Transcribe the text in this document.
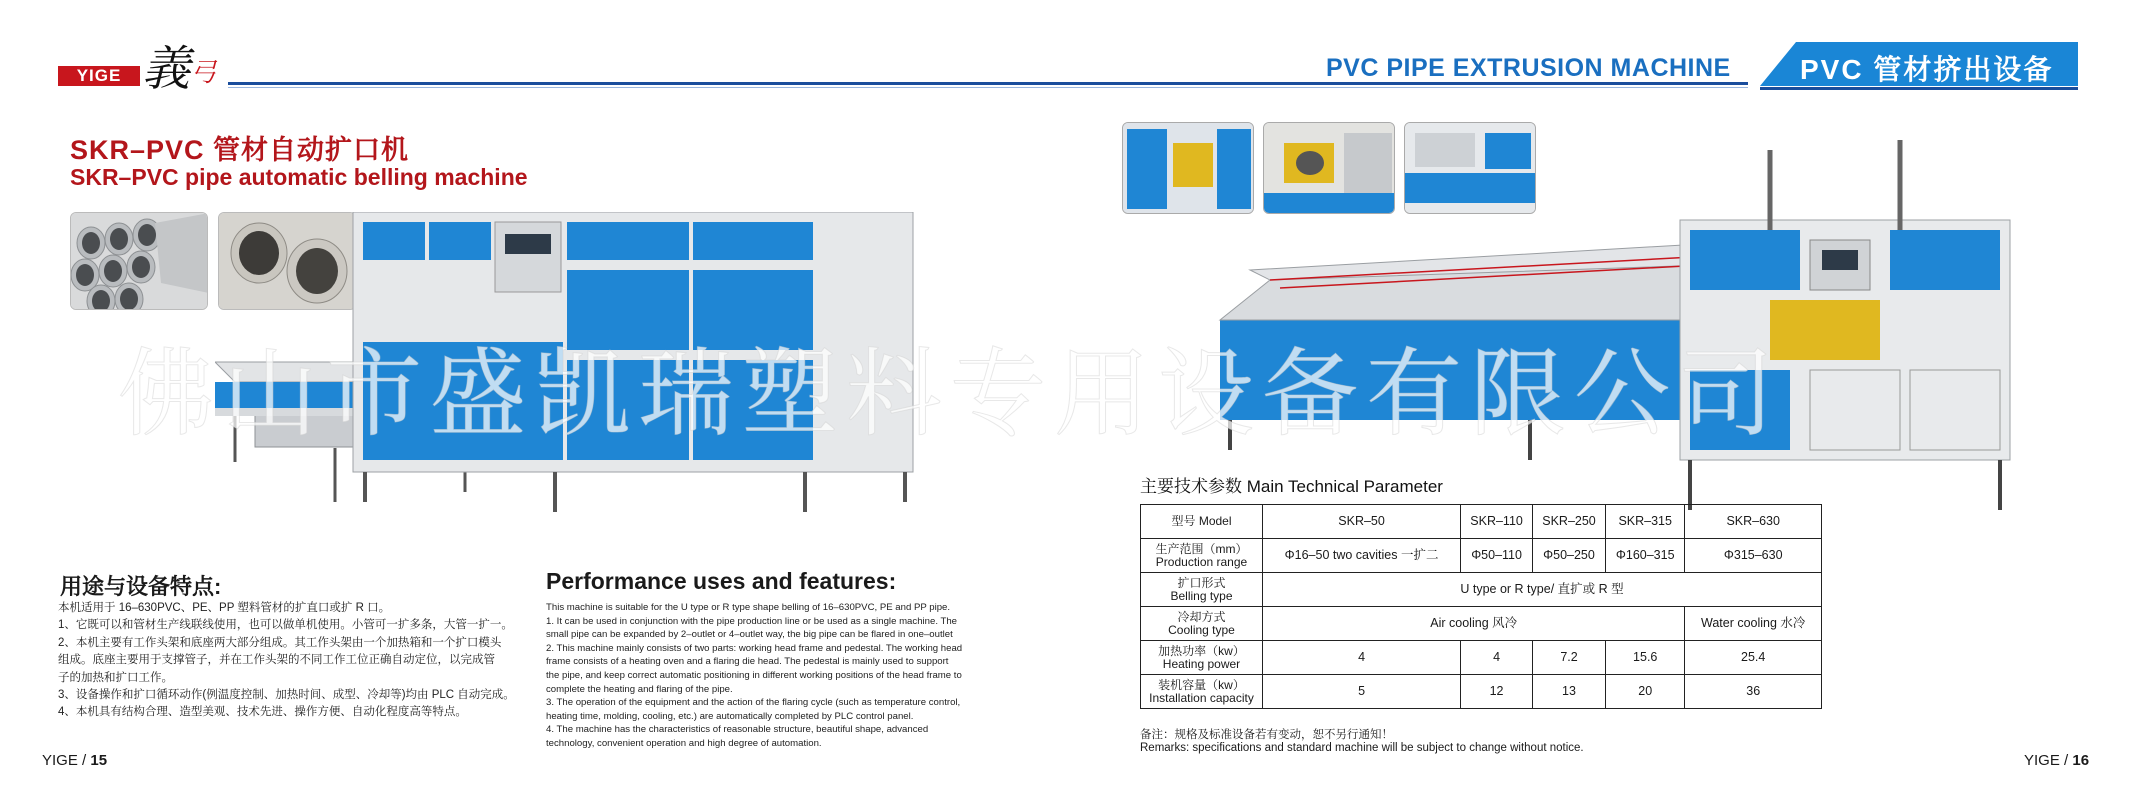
YIGE 義 弓	PVC PIPE EXTRUSION MACHINE PVC 管材挤出设备
SKR–PVC 管材自动扩口机
SKR–PVC pipe automatic belling machine
用途与设备特点:

本机适用于 16–630PVC、PE、PP 塑料管材的扩直口或扩 R 口。

1、它既可以和管材生产线联线使用，也可以做单机使用。小管可一扩多条，大管一扩一。

2、本机主要有工作头架和底座两大部分组成。其工作头架由一个加热箱和一个扩口模头

组成。底座主要用于支撑管子，并在工作头架的不同工作工位正确自动定位，以完成管

子的加热和扩口工作。

3、设备操作和扩口循环动作(例温度控制、加热时间、成型、冷却等)均由 PLC 自动完成。

4、本机具有结构合理、造型美观、技术先进、操作方便、自动化程度高等特点。

Performance uses and features:

This machine is suitable for the U type or R type shape belling of 16–630PVC, PE and PP pipe.

1. It can be used in conjunction with the pipe production line or be used as a single machine. The

small pipe can be expanded by 2–outlet or 4–outlet way, the big pipe can be flared in one–outlet

2. This machine mainly consists of two parts: working head frame and pedestal. The working head

frame consists of a heating oven and a flaring die head. The pedestal is mainly used to support

the pipe, and keep correct automatic positioning in different working positions of the head frame to

complete the heating and flaring of the pipe.

3. The operation of the equipment and the action of the flaring cycle (such as temperature control,

heating time, molding, cooling, etc.) are automatically completed by PLC control panel.

4. The machine has the characteristics of reasonable structure, beautiful shape, advanced

technology, convenient operation and high degree of automation.

YIGE / 15
主要技术参数 Main Technical Parameter
型号 Model	SKR–50	SKR–110	SKR–250	SKR–315	SKR–630
生产范围（mm）
Production range	Φ16–50 two cavities 一扩二	Φ50–110	Φ50–250	Φ160–315	Φ315–630
扩口形式
Belling type	U type or R type/ 直扩或 R 型				
冷却方式
Cooling type	Air cooling 风冷				Water cooling 水冷
加热功率（kw）
Heating power	4	4	7.2	15.6	25.4
装机容量（kw）
Installation capacity	5	12	13	20	36
备注：规格及标准设备若有变动，恕不另行通知！
Remarks: specifications and standard machine will be subject to change without notice.
YIGE / 16
佛山市盛凯瑞塑料专用设备有限公司
